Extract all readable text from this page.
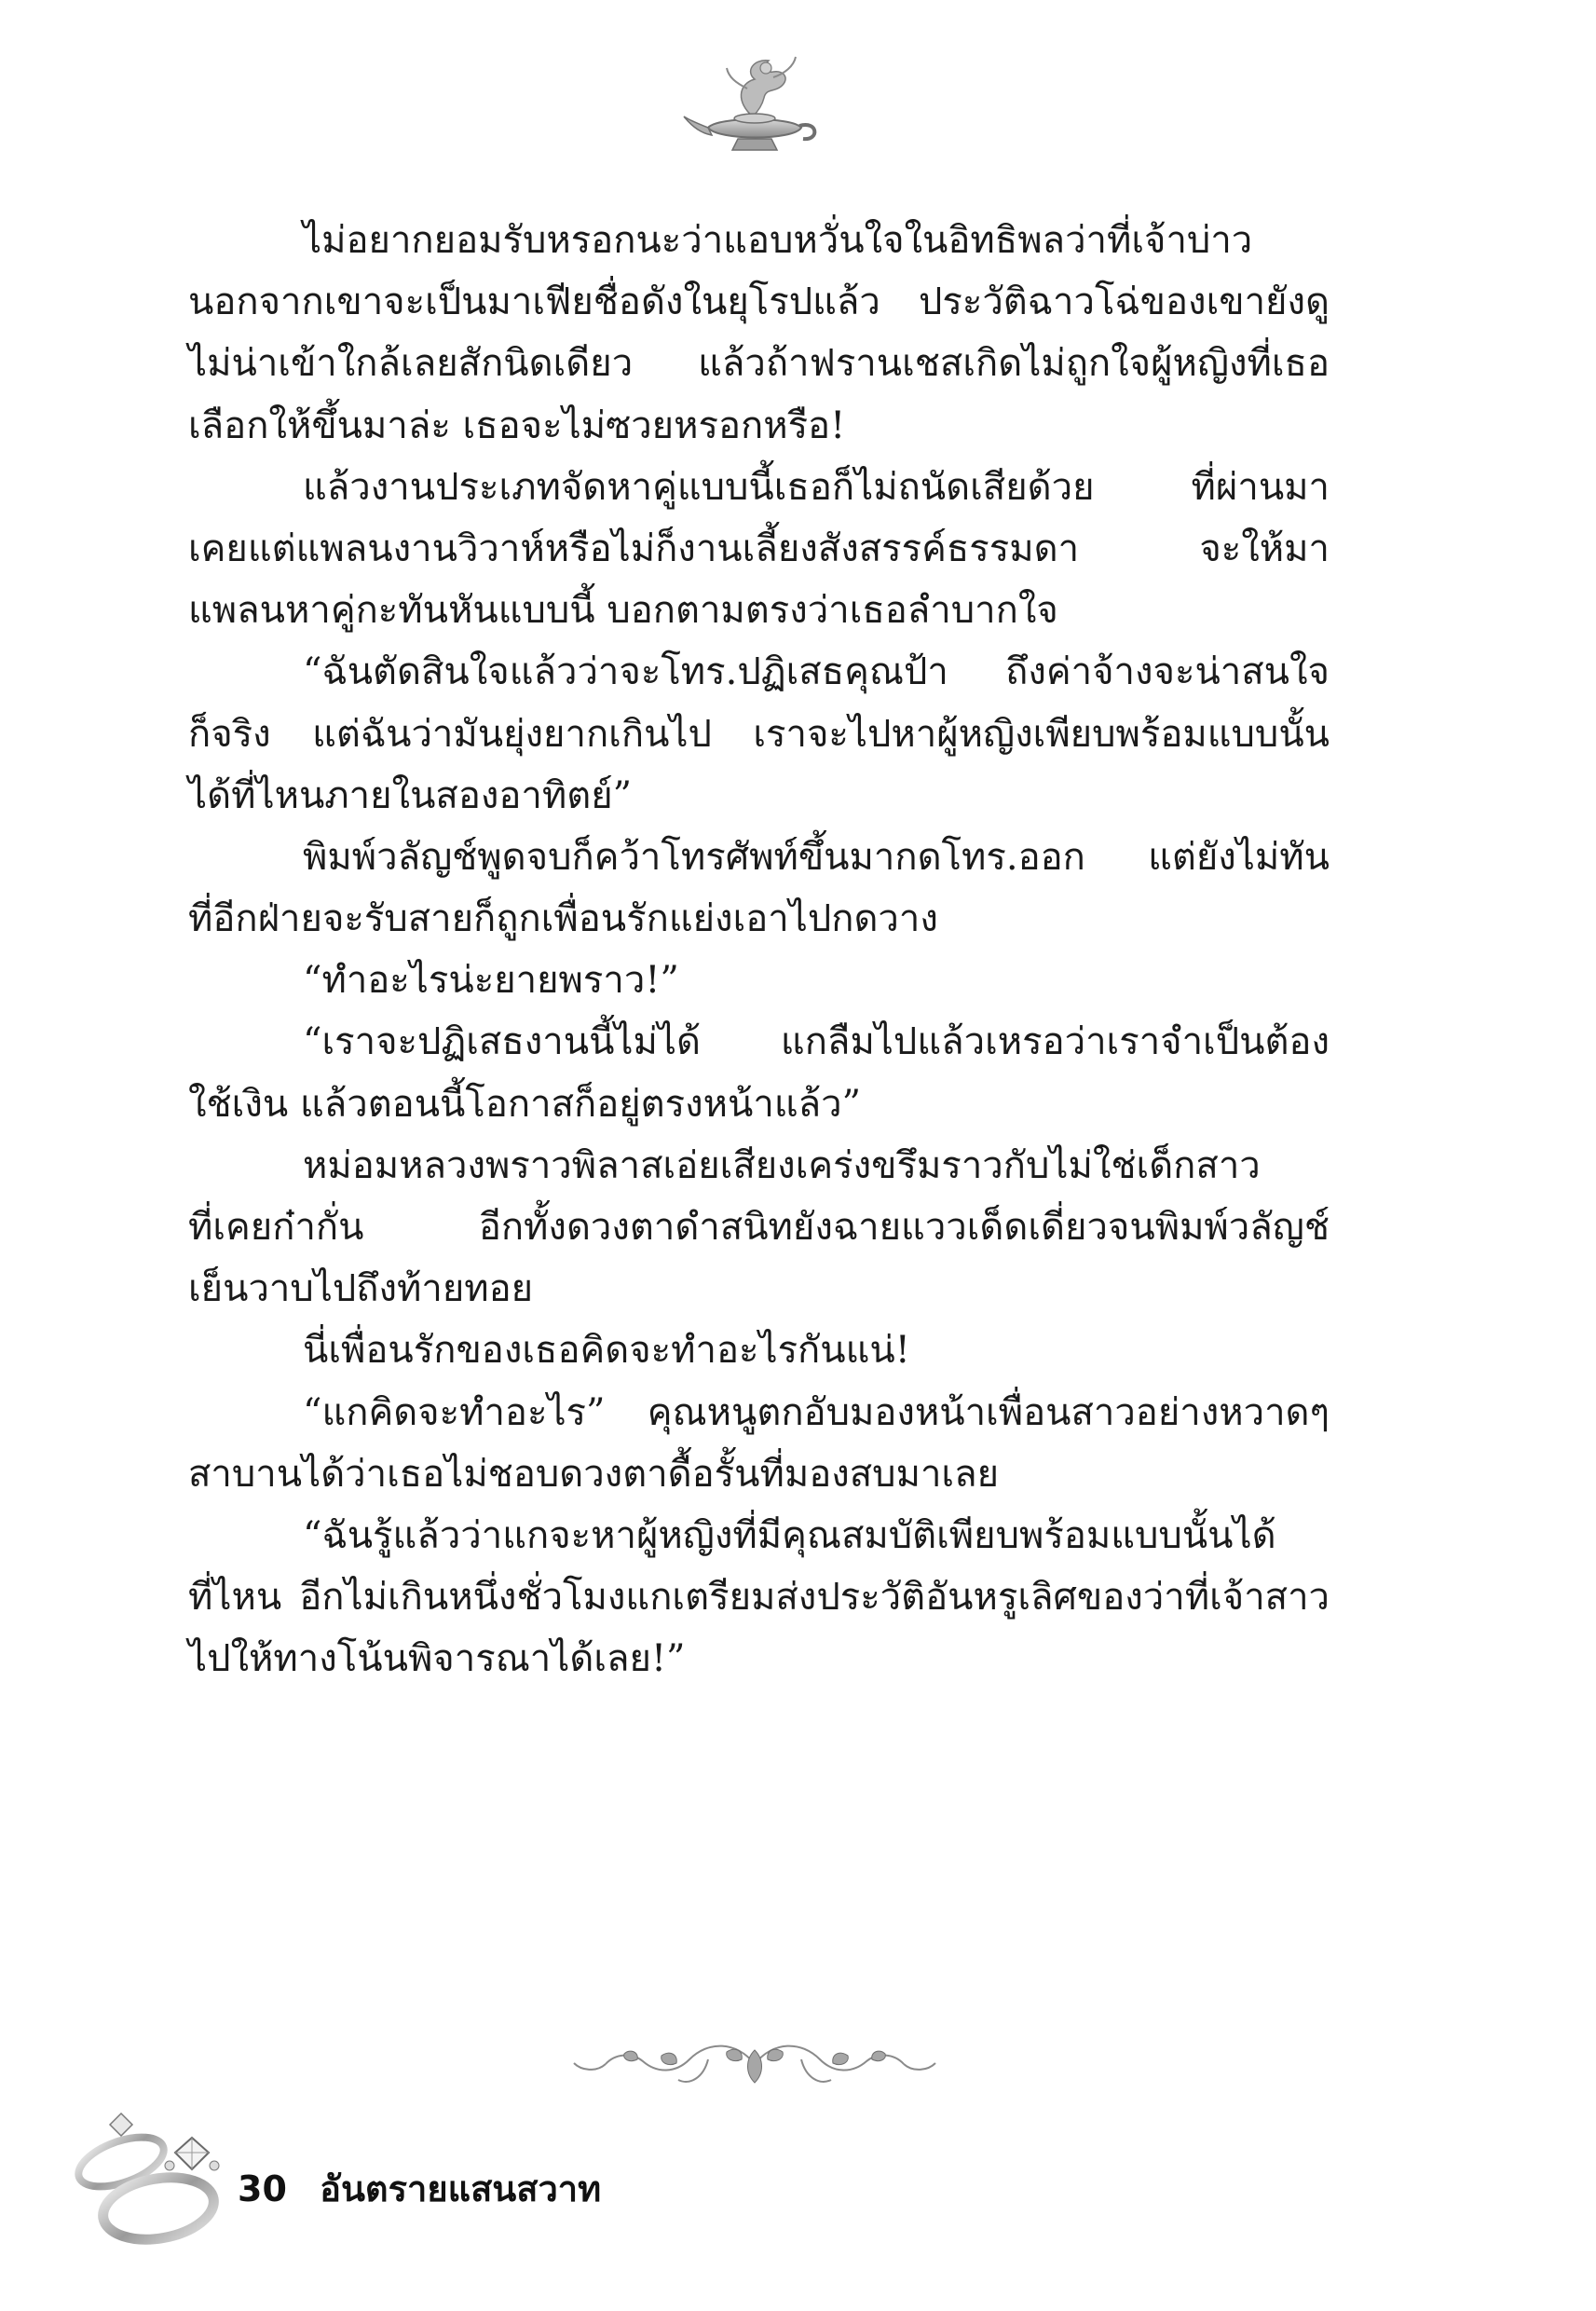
ไม่อยากยอมรับหรอกนะว่าแอบหวั่นใจในอิทธิพลว่าที่เจ้าบ่าว
นอกจากเขาจะเป็นมาเฟียชื่อดังในยุโรปแล้ว ประวัติฉาวโฉ่ของเขายังดู
ไม่น่าเข้าใกล้เลยสักนิดเดียว แล้วถ้าฟรานเชสเกิดไม่ถูกใจผู้หญิงที่เธอ
เลือกให้ขึ้นมาล่ะ เธอจะไม่ซวยหรอกหรือ!
แล้วงานประเภทจัดหาคู่แบบนี้เธอก็ไม่ถนัดเสียด้วย ที่ผ่านมา
เคยแต่แพลนงานวิวาห์หรือไม่ก็งานเลี้ยงสังสรรค์ธรรมดา จะให้มา
แพลนหาคู่กะทันหันแบบนี้ บอกตามตรงว่าเธอลำบากใจ
“ฉันตัดสินใจแล้วว่าจะโทร.ปฏิเสธคุณป้า ถึงค่าจ้างจะน่าสนใจ
ก็จริง แต่ฉันว่ามันยุ่งยากเกินไป เราจะไปหาผู้หญิงเพียบพร้อมแบบนั้น
ได้ที่ไหนภายในสองอาทิตย์”
พิมพ์วลัญช์พูดจบก็คว้าโทรศัพท์ขึ้นมากดโทร.ออก แต่ยังไม่ทัน
ที่อีกฝ่ายจะรับสายก็ถูกเพื่อนรักแย่งเอาไปกดวาง
“ทำอะไรน่ะยายพราว!”
“เราจะปฏิเสธงานนี้ไม่ได้ แกลืมไปแล้วเหรอว่าเราจำเป็นต้อง
ใช้เงิน แล้วตอนนี้โอกาสก็อยู่ตรงหน้าแล้ว”
หม่อมหลวงพราวพิลาสเอ่ยเสียงเคร่งขรึมราวกับไม่ใช่เด็กสาว
ที่เคยก๋ากั่น อีกทั้งดวงตาดำสนิทยังฉายแววเด็ดเดี่ยวจนพิมพ์วลัญช์
เย็นวาบไปถึงท้ายทอย
นี่เพื่อนรักของเธอคิดจะทำอะไรกันแน่!
“แกคิดจะทำอะไร” คุณหนูตกอับมองหน้าเพื่อนสาวอย่างหวาดๆ
สาบานได้ว่าเธอไม่ชอบดวงตาดื้อรั้นที่มองสบมาเลย
“ฉันรู้แล้วว่าแกจะหาผู้หญิงที่มีคุณสมบัติเพียบพร้อมแบบนั้นได้
ที่ไหน อีกไม่เกินหนึ่งชั่วโมงแกเตรียมส่งประวัติอันหรูเลิศของว่าที่เจ้าสาว
ไปให้ทางโน้นพิจารณาได้เลย!”
30 อันตรายแสนสวาท
